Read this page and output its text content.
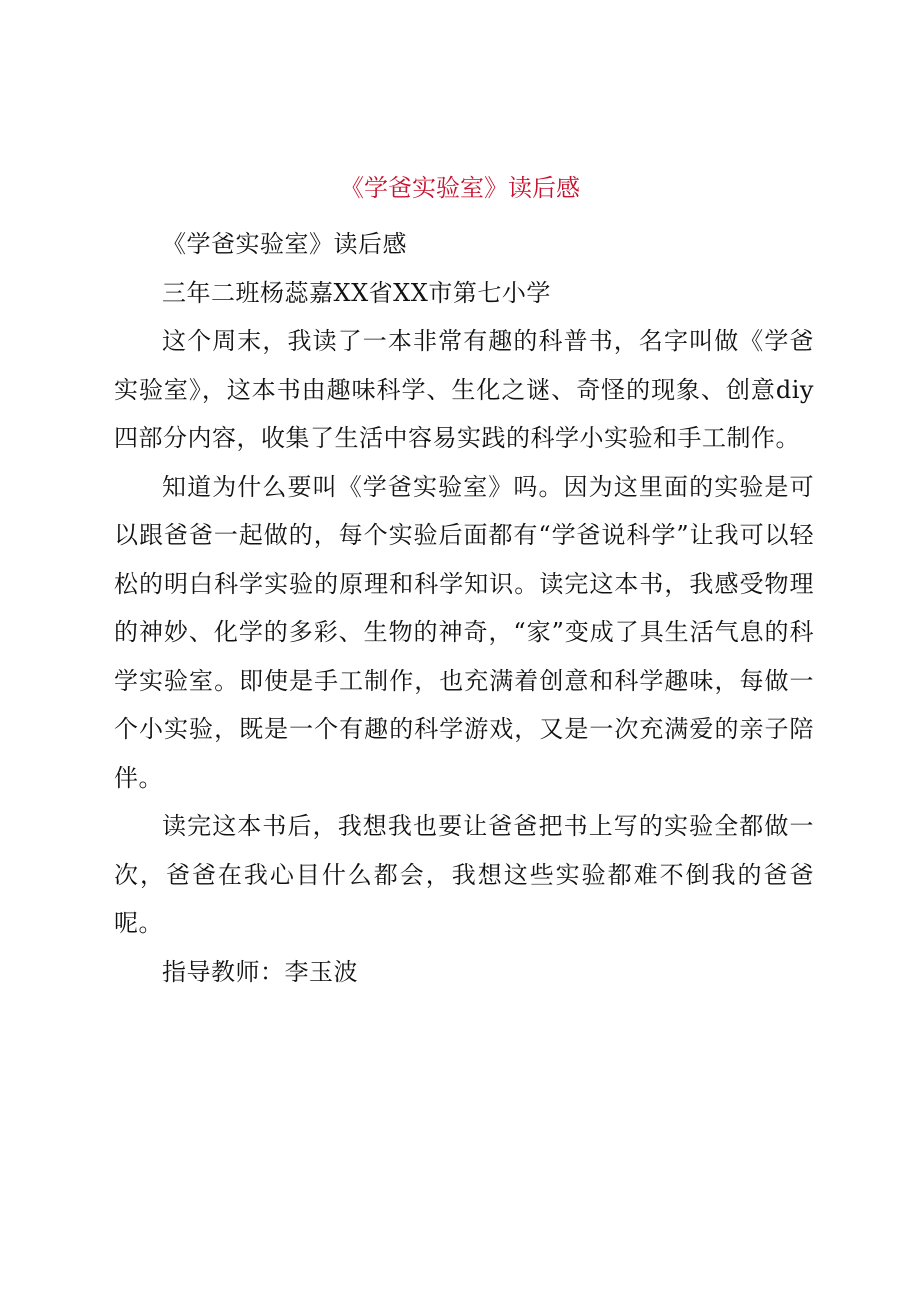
《学爸实验室》读后感

《学爸实验室》读后感

三年二班杨蕊嘉XX省XX市第七小学

这个周末，我读了一本非常有趣的科普书，名字叫做《学爸实验室》，这本书由趣味科学、生化之谜、奇怪的现象、创意diy四部分内容，收集了生活中容易实践的科学小实验和手工制作。

知道为什么要叫《学爸实验室》吗。因为这里面的实验是可以跟爸爸一起做的，每个实验后面都有“学爸说科学”让我可以轻松的明白科学实验的原理和科学知识。读完这本书，我感受物理的神妙、化学的多彩、生物的神奇，“家”变成了具生活气息的科学实验室。即使是手工制作，也充满着创意和科学趣味，每做一个小实验，既是一个有趣的科学游戏，又是一次充满爱的亲子陪伴。

读完这本书后，我想我也要让爸爸把书上写的实验全都做一次，爸爸在我心目什么都会，我想这些实验都难不倒我的爸爸呢。

指导教师：李玉波
